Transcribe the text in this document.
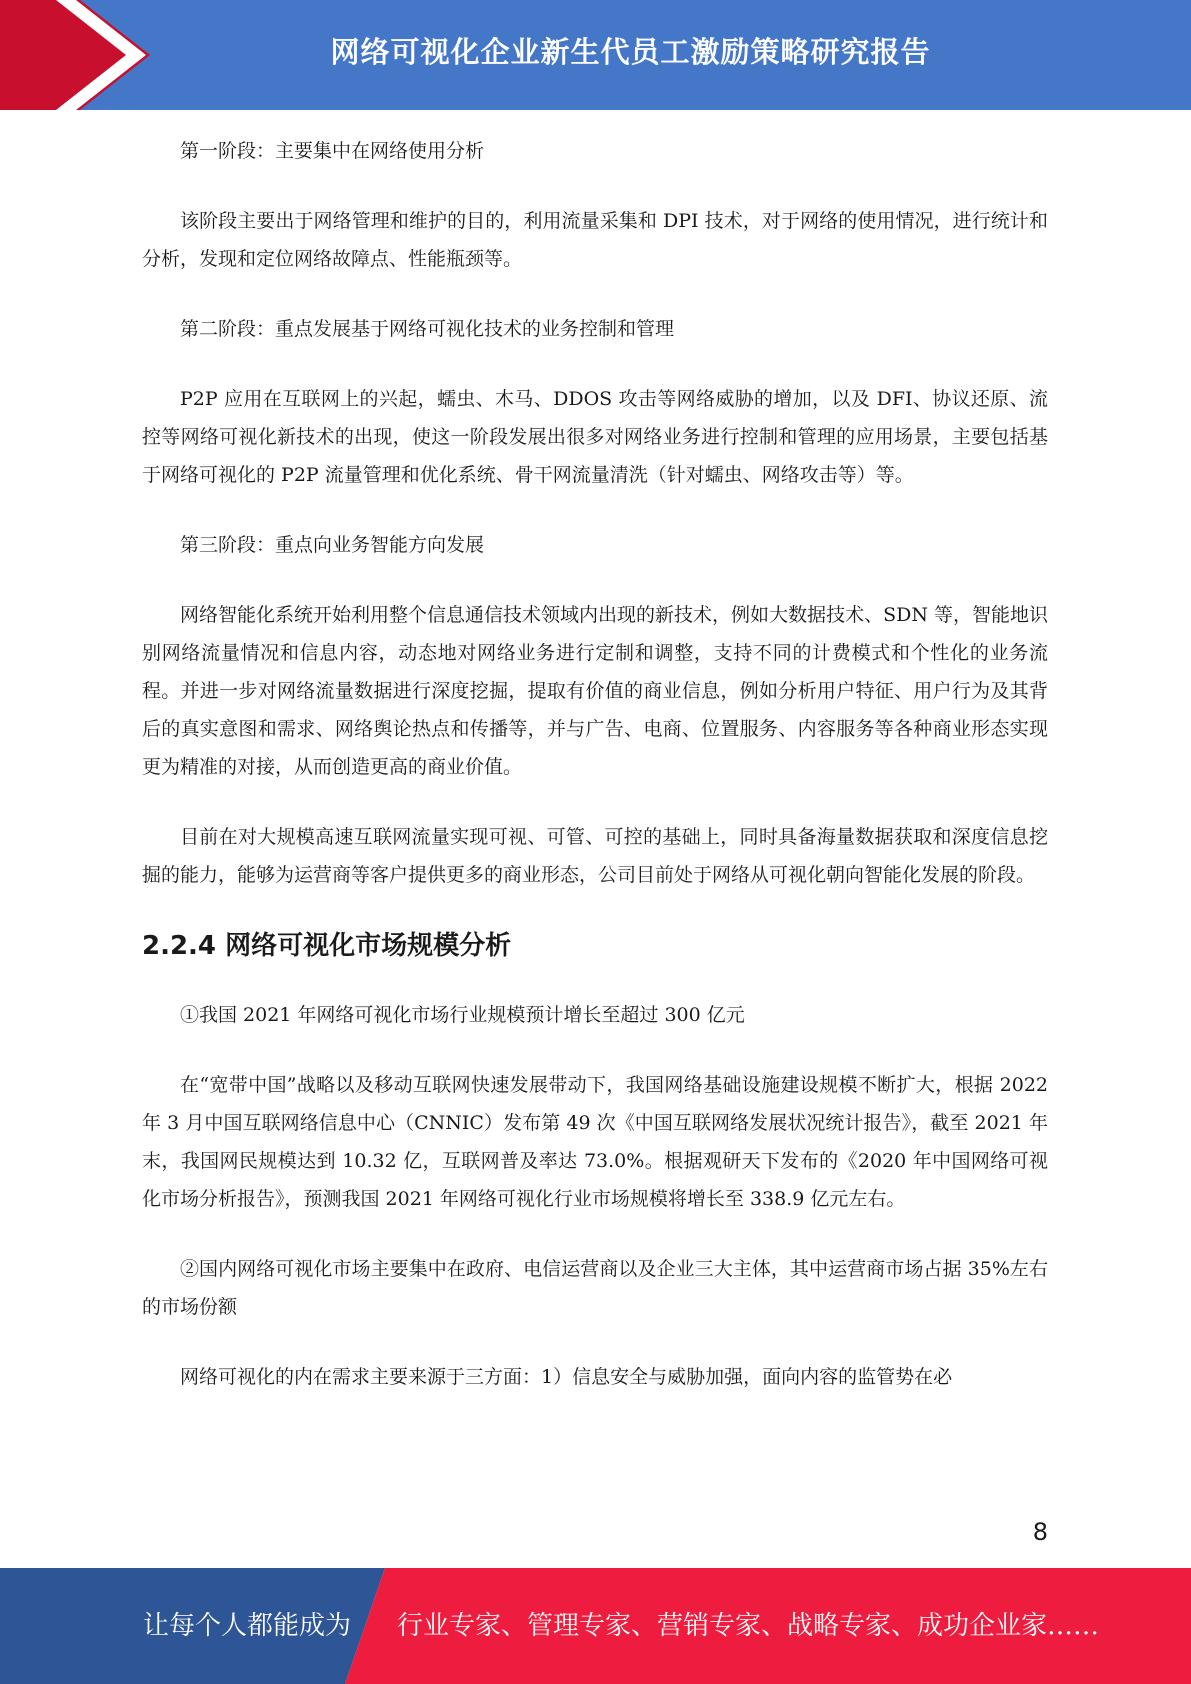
网络可视化企业新生代员工激励策略研究报告

第一阶段：主要集中在网络使用分析

该阶段主要出于网络管理和维护的目的，利用流量采集和 DPI 技术，对于网络的使用情况，进行统计和分析，发现和定位网络故障点、性能瓶颈等。

第二阶段：重点发展基于网络可视化技术的业务控制和管理

P2P 应用在互联网上的兴起，蠕虫、木马、DDOS 攻击等网络威胁的增加，以及 DFI、协议还原、流控等网络可视化新技术的出现，使这一阶段发展出很多对网络业务进行控制和管理的应用场景，主要包括基于网络可视化的 P2P 流量管理和优化系统、骨干网流量清洗（针对蠕虫、网络攻击等）等。

第三阶段：重点向业务智能方向发展

网络智能化系统开始利用整个信息通信技术领域内出现的新技术，例如大数据技术、SDN 等，智能地识别网络流量情况和信息内容，动态地对网络业务进行定制和调整，支持不同的计费模式和个性化的业务流程。并进一步对网络流量数据进行深度挖掘，提取有价值的商业信息，例如分析用户特征、用户行为及其背后的真实意图和需求、网络舆论热点和传播等，并与广告、电商、位置服务、内容服务等各种商业形态实现更为精准的对接，从而创造更高的商业价值。

目前在对大规模高速互联网流量实现可视、可管、可控的基础上，同时具备海量数据获取和深度信息挖掘的能力，能够为运营商等客户提供更多的商业形态，公司目前处于网络从可视化朝向智能化发展的阶段。

2.2.4 网络可视化市场规模分析

①我国 2021 年网络可视化市场行业规模预计增长至超过 300 亿元

在“宽带中国”战略以及移动互联网快速发展带动下，我国网络基础设施建设规模不断扩大，根据 2022 年 3 月中国互联网络信息中心（CNNIC）发布第 49 次《中国互联网络发展状况统计报告》，截至 2021 年末，我国网民规模达到 10.32 亿，互联网普及率达 73.0%。根据观研天下发布的《2020 年中国网络可视化市场分析报告》，预测我国 2021 年网络可视化行业市场规模将增长至 338.9 亿元左右。

②国内网络可视化市场主要集中在政府、电信运营商以及企业三大主体，其中运营商市场占据 35%左右的市场份额

网络可视化的内在需求主要来源于三方面：1）信息安全与威胁加强，面向内容的监管势在必

8
让每个人都能成为 行业专家、管理专家、营销专家、战略专家、成功企业家……
